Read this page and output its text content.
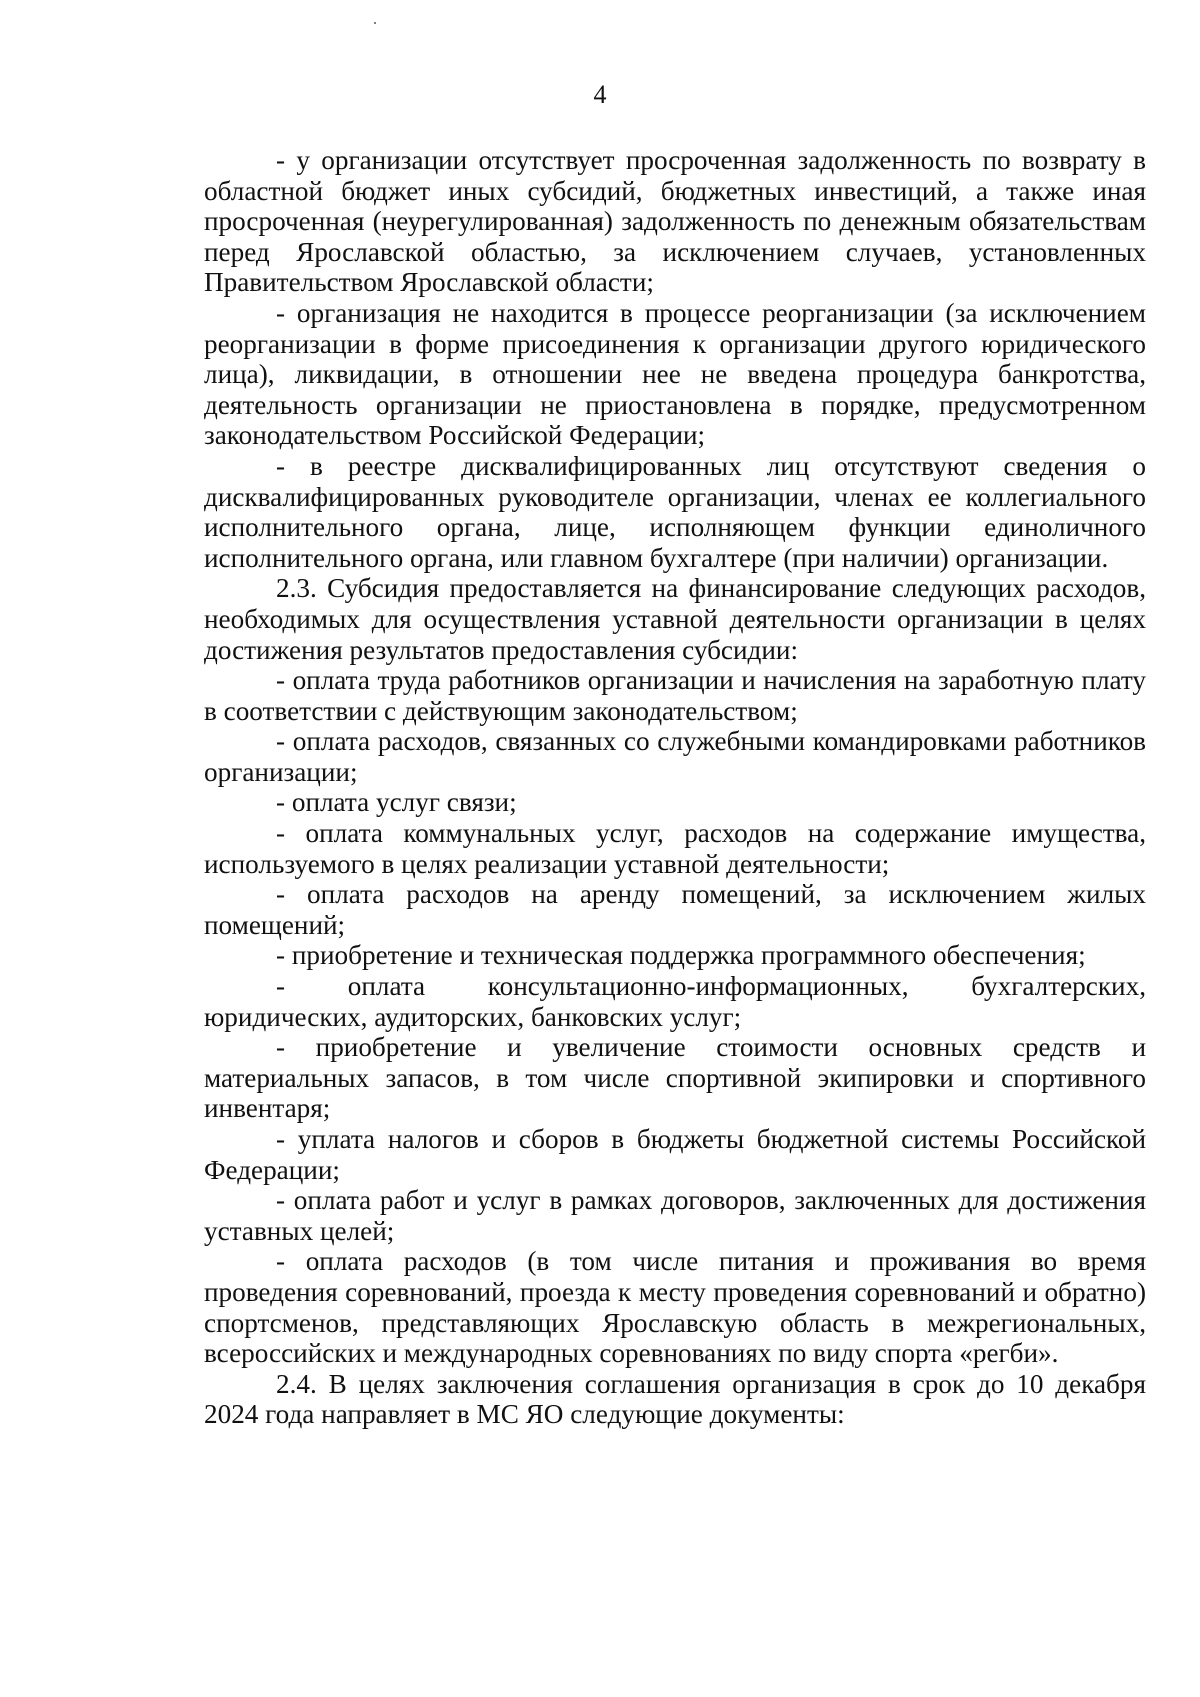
4

- у организации отсутствует просроченная задолженность по возврату в областной бюджет иных субсидий, бюджетных инвестиций, а также иная просроченная (неурегулированная) задолженность по денежным обязательствам перед Ярославской областью, за исключением случаев, установленных Правительством Ярославской области;

- организация не находится в процессе реорганизации (за исключением реорганизации в форме присоединения к организации другого юридического лица), ликвидации, в отношении нее не введена процедура банкротства, деятельность организации не приостановлена в порядке, предусмотренном законодательством Российской Федерации;

- в реестре дисквалифицированных лиц отсутствуют сведения о дисквалифицированных руководителе организации, членах ее коллегиального исполнительного органа, лице, исполняющем функции единоличного исполнительного органа, или главном бухгалтере (при наличии) организации.

2.3. Субсидия предоставляется на финансирование следующих расходов, необходимых для осуществления уставной деятельности организации в целях достижения результатов предоставления субсидии:

- оплата труда работников организации и начисления на заработную плату в соответствии с действующим законодательством;

- оплата расходов, связанных со служебными командировками работников организации;

- оплата услуг связи;

- оплата коммунальных услуг, расходов на содержание имущества, используемого в целях реализации уставной деятельности;

- оплата расходов на аренду помещений, за исключением жилых помещений;

- приобретение и техническая поддержка программного обеспечения;

- оплата консультационно-информационных, бухгалтерских, юридических, аудиторских, банковских услуг;

- приобретение и увеличение стоимости основных средств и материальных запасов, в том числе спортивной экипировки и спортивного инвентаря;

- уплата налогов и сборов в бюджеты бюджетной системы Российской Федерации;

- оплата работ и услуг в рамках договоров, заключенных для достижения уставных целей;

- оплата расходов (в том числе питания и проживания во время проведения соревнований, проезда к месту проведения соревнований и обратно) спортсменов, представляющих Ярославскую область в межрегиональных, всероссийских и международных соревнованиях по виду спорта «регби».

2.4. В целях заключения соглашения организация в срок до 10 декабря 2024 года направляет в МС ЯО следующие документы:
